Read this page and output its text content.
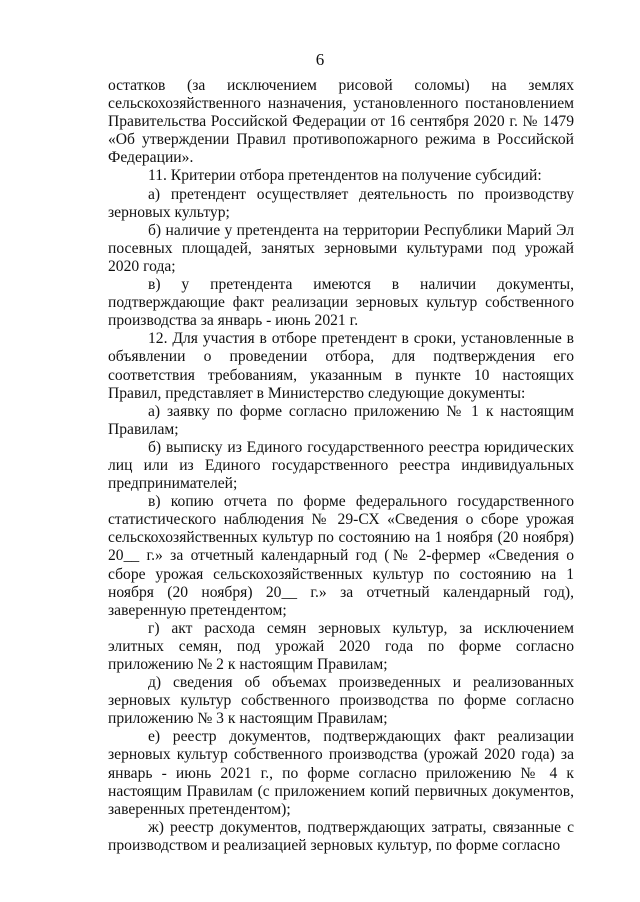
6

остатков (за исключением рисовой соломы) на землях сельскохозяйственного назначения, установленного постановлением Правительства Российской Федерации от 16 сентября 2020 г. № 1479 «Об утверждении Правил противопожарного режима в Российской Федерации».

11. Критерии отбора претендентов на получение субсидий:

а) претендент осуществляет деятельность по производству зерновых культур;

б) наличие у претендента на территории Республики Марий Эл посевных площадей, занятых зерновыми культурами под урожай 2020 года;

в) у претендента имеются в наличии документы, подтверждающие факт реализации зерновых культур собственного производства за январь - июнь 2021 г.

12. Для участия в отборе претендент в сроки, установленные в объявлении о проведении отбора, для подтверждения его соответствия требованиям, указанным в пункте 10 настоящих Правил, представляет в Министерство следующие документы:

а) заявку по форме согласно приложению № 1 к настоящим Правилам;

б) выписку из Единого государственного реестра юридических лиц или из Единого государственного реестра индивидуальных предпринимателей;

в) копию отчета по форме федерального государственного статистического наблюдения № 29-СХ «Сведения о сборе урожая сельскохозяйственных культур по состоянию на 1 ноября (20 ноября) 20__ г.» за отчетный календарный год (№ 2-фермер «Сведения о сборе урожая сельскохозяйственных культур по состоянию на 1 ноября (20 ноября) 20__ г.» за отчетный календарный год), заверенную претендентом;

г) акт расхода семян зерновых культур, за исключением элитных семян, под урожай 2020 года по форме согласно приложению № 2 к настоящим Правилам;

д) сведения об объемах произведенных и реализованных зерновых культур собственного производства по форме согласно приложению № 3 к настоящим Правилам;

е) реестр документов, подтверждающих факт реализации зерновых культур собственного производства (урожай 2020 года) за январь - июнь 2021 г., по форме согласно приложению № 4 к настоящим Правилам (с приложением копий первичных документов, заверенных претендентом);

ж) реестр документов, подтверждающих затраты, связанные с производством и реализацией зерновых культур, по форме согласно
